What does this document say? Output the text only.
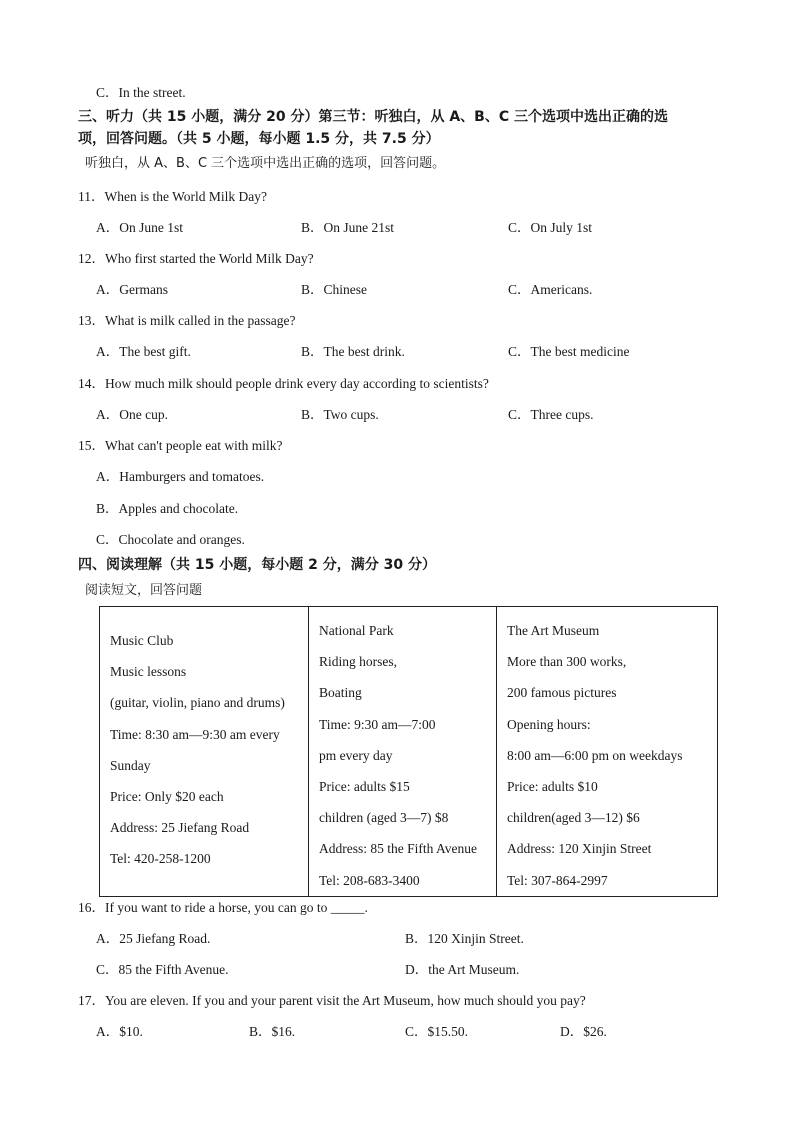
C．In the street.
三、听力（共 15 小题，满分 20 分）第三节：听独白，从 A、B、C 三个选项中选出正确的选
项，回答问题。（共 5 小题，每小题 1.5 分，共 7.5 分）
听独白，从 A、B、C 三个选项中选出正确的选项，回答问题。
11．When is the World Milk Day?
A．On June 1st	B．On June 21st	C．On July 1st
12．Who first started the World Milk Day?
A．Germans	B．Chinese	C．Americans.
13．What is milk called in the passage?
A．The best gift.	B．The best drink.	C．The best medicine
14．How much milk should people drink every day according to scientists?
A．One cup.	B．Two cups.	C．Three cups.
15．What can't people eat with milk?
A．Hamburgers and tomatoes.
B．Apples and chocolate.
C．Chocolate and oranges.
四、阅读理解（共 15 小题，每小题 2 分，满分 30 分）
阅读短文，回答问题
Music Club
Music lessons
(guitar, violin, piano and drums)
Time: 8:30 am—9:30 am every
Sunday
Price: Only $20 each
Address: 25 Jiefang Road
Tel: 420-258-1200

National Park
Riding horses,
Boating
Time: 9:30 am—7:00
pm every day
Price: adults $15
children (aged 3—7) $8
Address: 85 the Fifth Avenue
Tel: 208-683-3400

The Art Museum
More than 300 works,
200 famous pictures
Opening hours:
8:00 am—6:00 pm on weekdays
Price: adults $10
children(aged 3—12) $6
Address: 120 Xinjin Street
Tel: 307-864-2997
16．If you want to ride a horse, you can go to _____.
A．25 Jiefang Road.	B．120 Xinjin Street.
C．85 the Fifth Avenue.	D．the Art Museum.
17．You are eleven. If you and your parent visit the Art Museum, how much should you pay?
A．$10.	B．$16.	C．$15.50.	D．$26.
